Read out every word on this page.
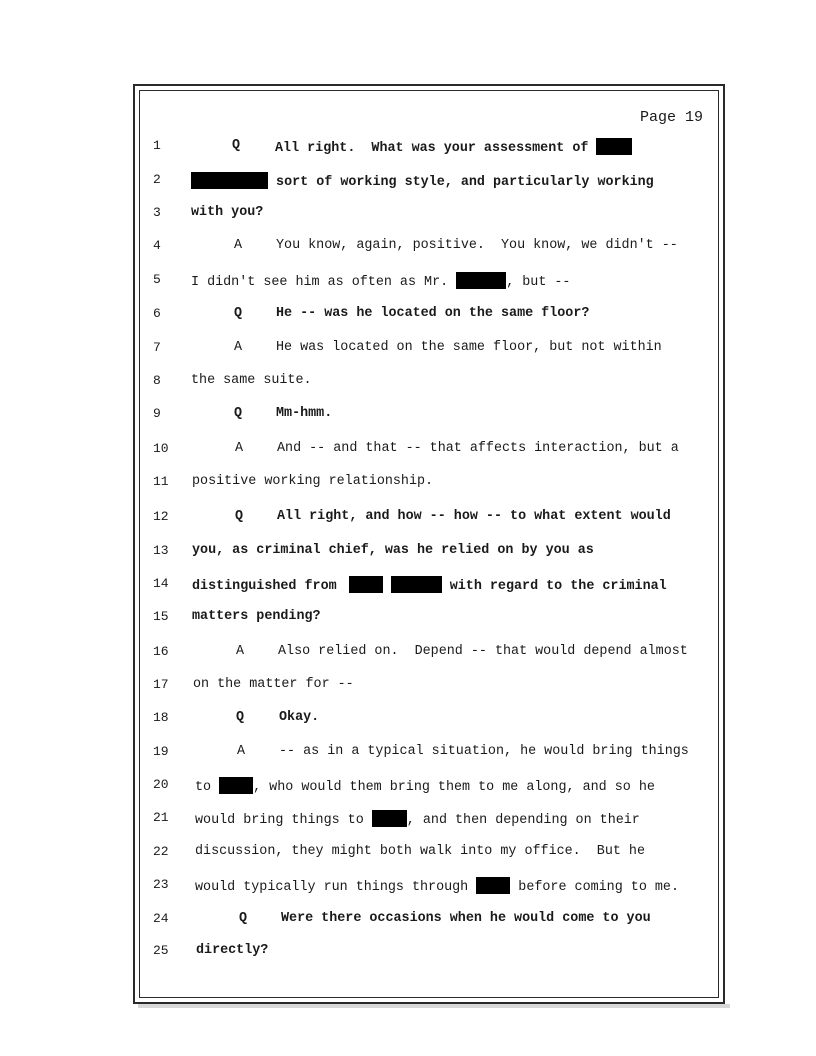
Page 19
1	Q	All right.  What was your assessment of
2	sort of working style, and particularly working
3	with you?
4	A	You know, again, positive.  You know, we didn't --
5	I didn't see him as often as Mr.	, but --
6	Q	He -- was he located on the same floor?
7	A	He was located on the same floor, but not within
8	the same suite.
9	Q	Mm-hmm.
10	A	And -- and that -- that affects interaction, but a
11	positive working relationship.
12	Q	All right, and how -- how -- to what extent would
13	you, as criminal chief, was he relied on by you as
14	distinguished from	with regard to the criminal
15	matters pending?
16	A	Also relied on.  Depend -- that would depend almost
17	on the matter for --
18	Q	Okay.
19	A	-- as in a typical situation, he would bring things
20	to	, who would them bring them to me along, and so he
21	would bring things to	, and then depending on their
22	discussion, they might both walk into my office.  But he
23	would typically run things through	before coming to me.
24	Q	Were there occasions when he would come to you
25	directly?
